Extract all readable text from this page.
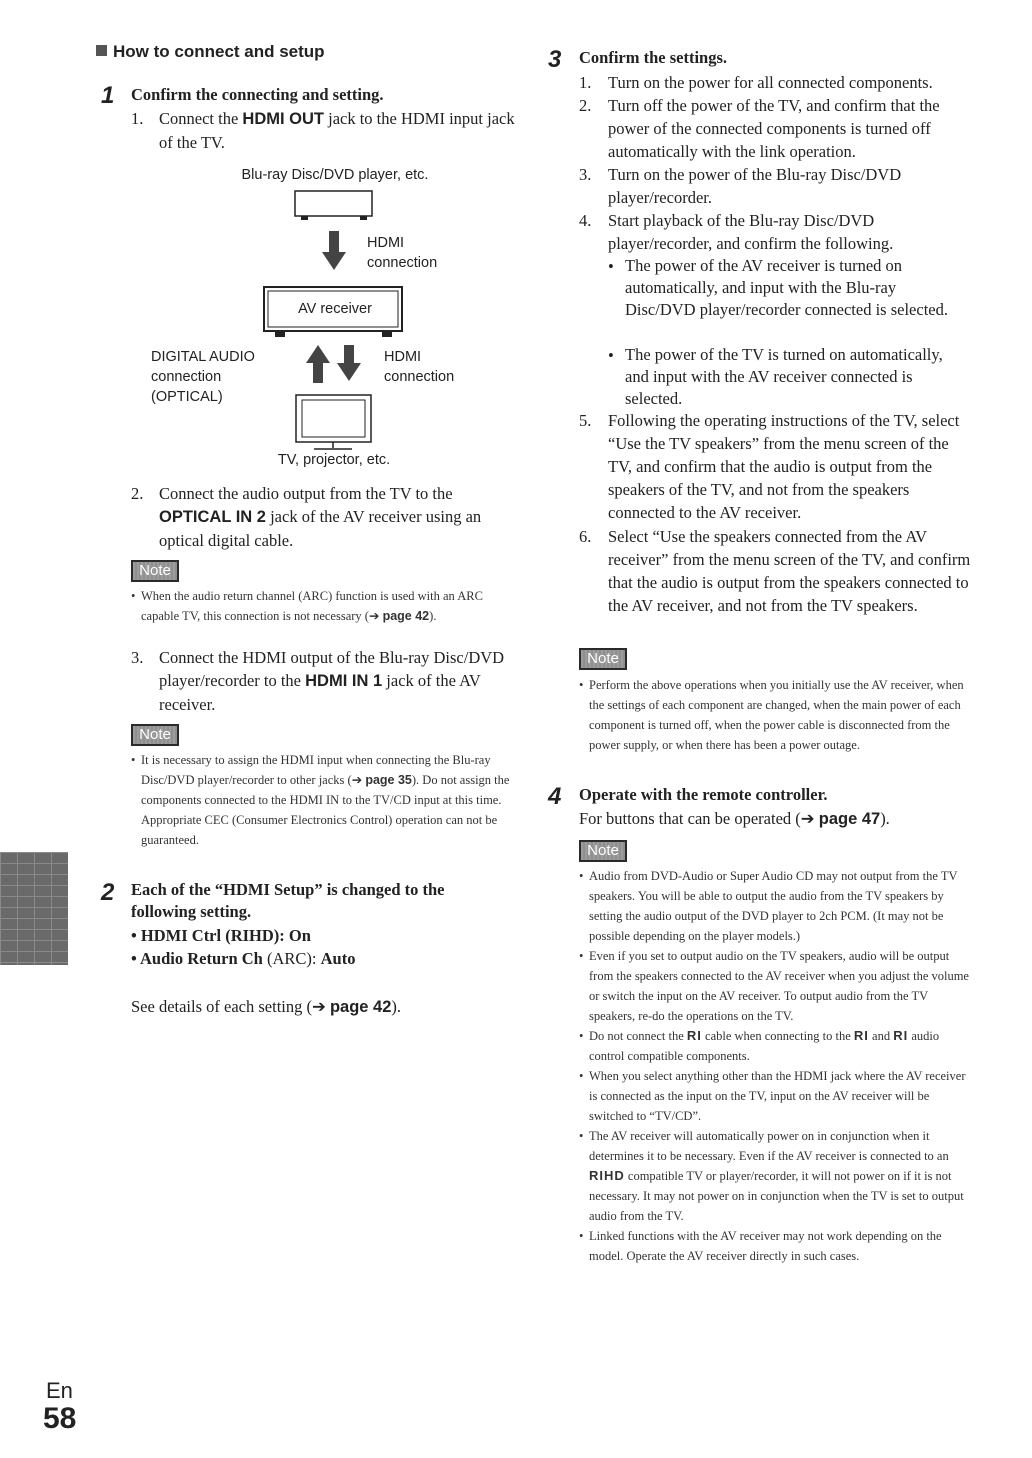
How to connect and setup
1 Confirm the connecting and setting.
1. Connect the HDMI OUT jack to the HDMI input jack of the TV.
Blu-ray Disc/DVD player, etc.
HDMI
connection
AV receiver
DIGITAL AUDIO
connection
(OPTICAL)
HDMI
connection
TV, projector, etc.
2. Connect the audio output from the TV to the OPTICAL IN 2 jack of the AV receiver using an optical digital cable.
Note
• When the audio return channel (ARC) function is used with an ARC capable TV, this connection is not necessary (➔ page 42).
3. Connect the HDMI output of the Blu-ray Disc/DVD player/recorder to the HDMI IN 1 jack of the AV receiver.
Note
• It is necessary to assign the HDMI input when connecting the Blu-ray Disc/DVD player/recorder to other jacks (➔ page 35). Do not assign the components connected to the HDMI IN to the TV/CD input at this time. Appropriate CEC (Consumer Electronics Control) operation can not be guaranteed.
2 Each of the “HDMI Setup” is changed to the following setting.
• HDMI Ctrl (RIHD): On
• Audio Return Ch (ARC): Auto
See details of each setting (➔ page 42).
3 Confirm the settings.
1. Turn on the power for all connected components.
2. Turn off the power of the TV, and confirm that the power of the connected components is turned off automatically with the link operation.
3. Turn on the power of the Blu-ray Disc/DVD player/recorder.
4. Start playback of the Blu-ray Disc/DVD player/recorder, and confirm the following.
• The power of the AV receiver is turned on automatically, and input with the Blu-ray Disc/DVD player/recorder connected is selected.
• The power of the TV is turned on automatically, and input with the AV receiver connected is selected.
5. Following the operating instructions of the TV, select “Use the TV speakers” from the menu screen of the TV, and confirm that the audio is output from the speakers of the TV, and not from the speakers connected to the AV receiver.
6. Select “Use the speakers connected from the AV receiver” from the menu screen of the TV, and confirm that the audio is output from the speakers connected to the AV receiver, and not from the TV speakers.
Note
• Perform the above operations when you initially use the AV receiver, when the settings of each component are changed, when the main power of each component is turned off, when the power cable is disconnected from the power supply, or when there has been a power outage.
4 Operate with the remote controller.
For buttons that can be operated (➔ page 47).
Note
• Audio from DVD-Audio or Super Audio CD may not output from the TV speakers. You will be able to output the audio from the TV speakers by setting the audio output of the DVD player to 2ch PCM. (It may not be possible depending on the player models.)
• Even if you set to output audio on the TV speakers, audio will be output from the speakers connected to the AV receiver when you adjust the volume or switch the input on the AV receiver. To output audio from the TV speakers, re-do the operations on the TV.
• Do not connect the RI cable when connecting to the RI and RI audio control compatible components.
• When you select anything other than the HDMI jack where the AV receiver is connected as the input on the TV, input on the AV receiver will be switched to “TV/CD”.
• The AV receiver will automatically power on in conjunction when it determines it to be necessary. Even if the AV receiver is connected to an RIHD compatible TV or player/recorder, it will not power on if it is not necessary. It may not power on in conjunction when the TV is set to output audio from the TV.
• Linked functions with the AV receiver may not work depending on the model. Operate the AV receiver directly in such cases.
En
58
